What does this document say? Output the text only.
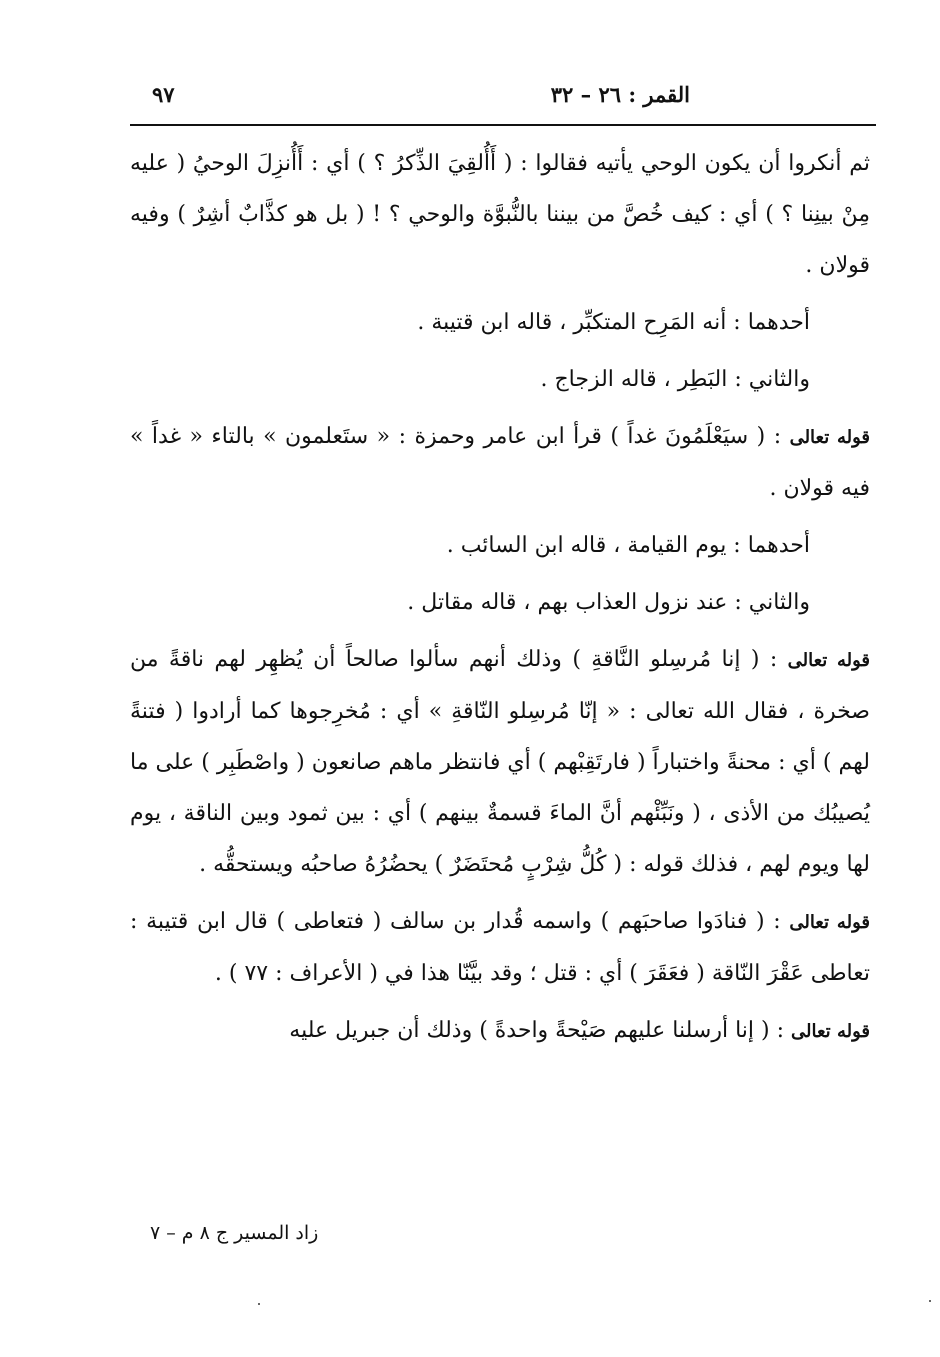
القمر : ٢٦ – ٣٢
٩٧

ثم أنكروا أن يكون الوحي يأتيه فقالوا : ( أَأُلقِيَ الذِّكرُ ؟ ) أي : أَأُنزِلَ الوحيُ ( عليه مِنْ بينِنا ؟ ) أي : كيف خُصَّ من بيننا بالنُّبوَّة والوحي ؟ ! ( بل هو كذَّابٌ أشِرٌ ) وفيه قولان .

أحدهما : أنه المَرِح المتكبِّر ، قاله ابن قتيبة .

والثاني : البَطِر ، قاله الزجاج .

قوله تعالى : ( سيَعْلَمُونَ غداً ) قرأ ابن عامر وحمزة : « ستَعلمون » بالتاء « غداً » فيه قولان .

أحدهما : يوم القيامة ، قاله ابن السائب .

والثاني : عند نزول العذاب بهم ، قاله مقاتل .

قوله تعالى : ( إنا مُرسِلو النَّاقةِ ) وذلك أنهم سألوا صالحاً أن يُظهِر لهم ناقةً من صخرة ، فقال الله تعالى : « إنّا مُرسِلو النّاقةِ » أي : مُخرِجوها كما أرادوا ( فتنةً لهم ) أي : محنةً واختباراً ( فارتَقِبْهم ) أي فانتظر ماهم صانعون ( واصْطَبِر ) على ما يُصيبُك من الأذى ، ( ونَبِّئْهم أنَّ الماءَ قسمةٌ بينهم ) أي : بين ثمود وبين الناقة ، يوم لها ويوم لهم ، فذلك قوله : ( كُلُّ شِرْبٍ مُحتَضَرٌ ) يحضُرُهُ صاحبُه ويستحقُّه .

قوله تعالى : ( فنادَوا صاحبَهم ) واسمه قُدار بن سالف ( فتعاطى ) قال ابن قتيبة : تعاطى عَقْرَ النّاقة ( فعَقَرَ ) أي : قتل ؛ وقد بيَّنّا هذا في ( الأعراف : ٧٧ ) .

قوله تعالى : ( إنا أرسلنا عليهم صَيْحةً واحدةً ) وذلك أن جبريل عليه

زاد المسير ج ٨ م – ٧
